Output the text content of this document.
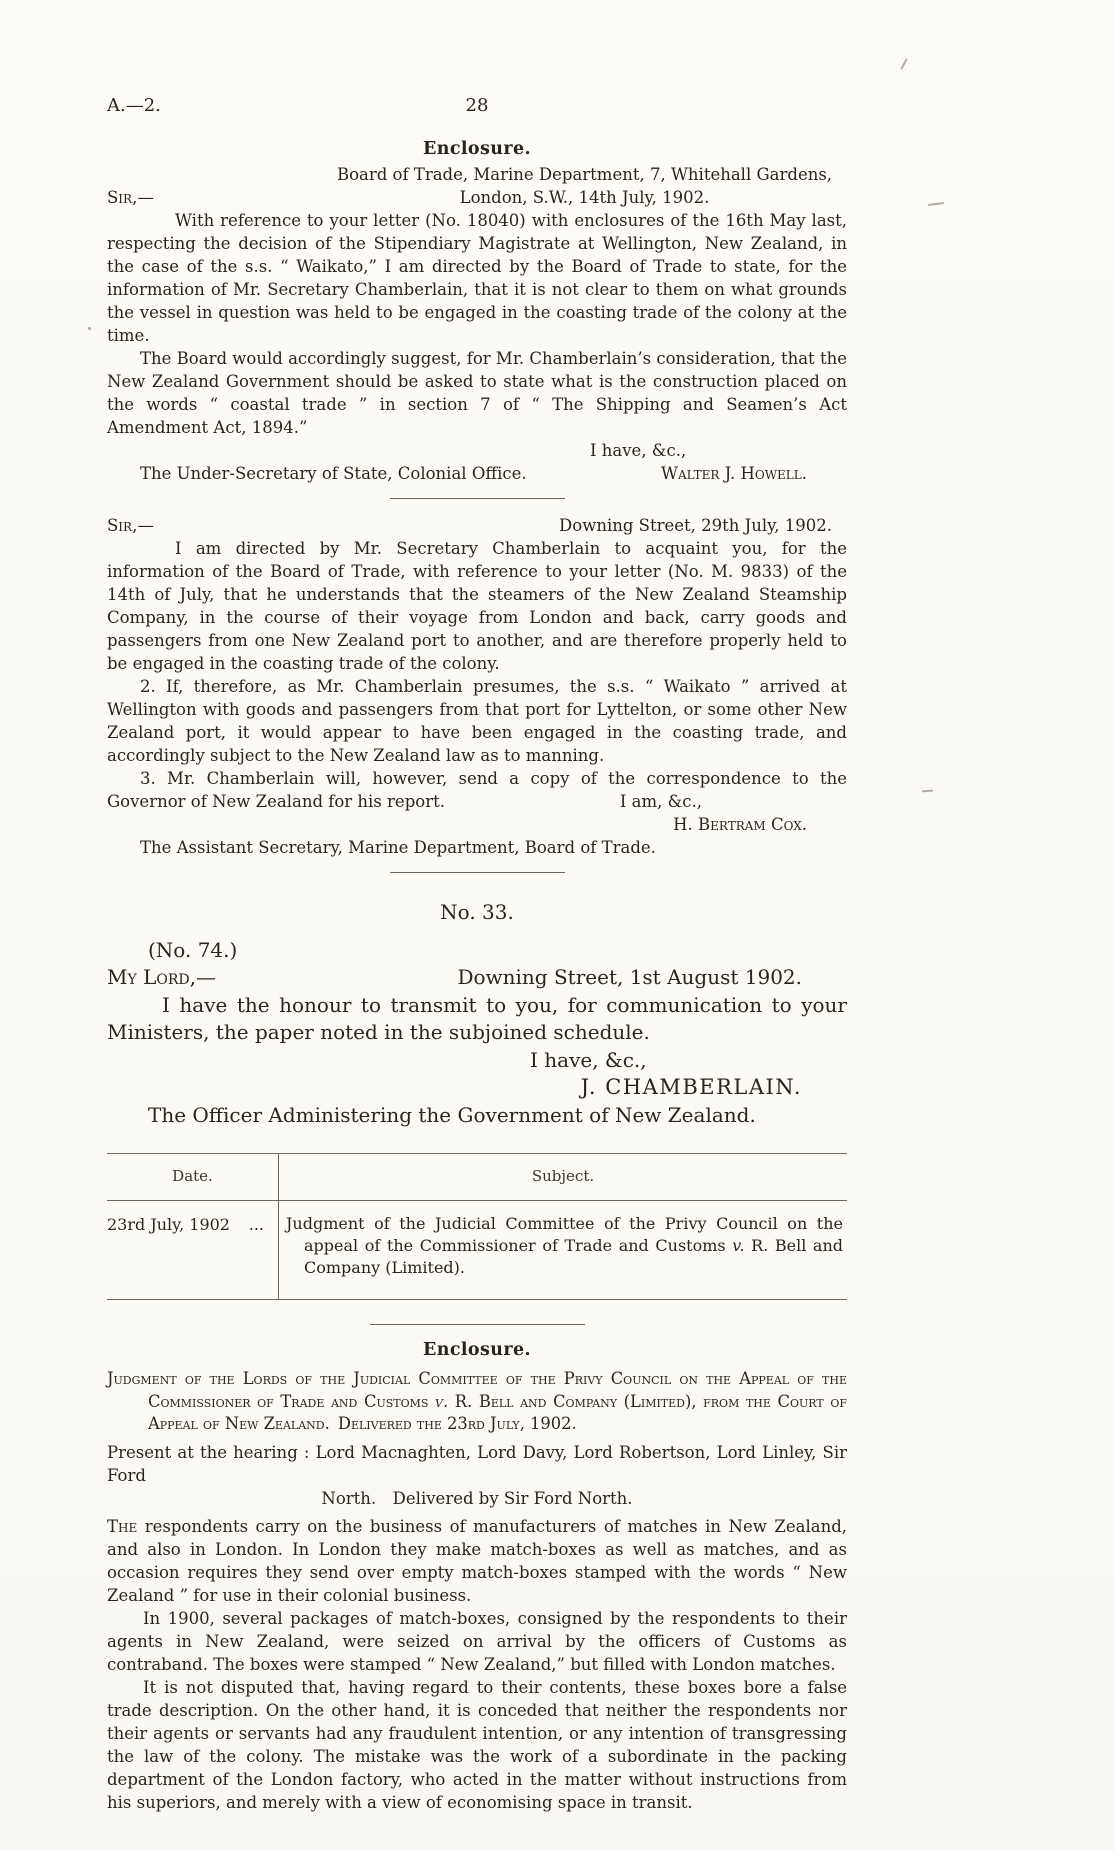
A.—2.	28
Enclosure.
Board of Trade, Marine Department, 7, Whitehall Gardens,
Sir,—	London, S.W., 14th July, 1902.

With reference to your letter (No. 18040) with enclosures of the 16th May last, respecting the decision of the Stipendiary Magistrate at Wellington, New Zealand, in the case of the s.s. “ Waikato,” I am directed by the Board of Trade to state, for the information of Mr. Secretary Chamberlain, that it is not clear to them on what grounds the vessel in question was held to be engaged in the coasting trade of the colony at the time.

The Board would accordingly suggest, for Mr. Chamberlain’s consideration, that the New Zealand Government should be asked to state what is the construction placed on the words “ coastal trade ” in section 7 of “ The Shipping and Seamen’s Act Amendment Act, 1894.”

I have, &c.,
The Under-Secretary of State, Colonial Office.	Walter J. Howell.
Sir,—	Downing Street, 29th July, 1902.

I am directed by Mr. Secretary Chamberlain to acquaint you, for the information of the Board of Trade, with reference to your letter (No. M. 9833) of the 14th of July, that he understands that the steamers of the New Zealand Steamship Company, in the course of their voyage from London and back, carry goods and passengers from one New Zealand port to another, and are therefore properly held to be engaged in the coasting trade of the colony.

2. If, therefore, as Mr. Chamberlain presumes, the s.s. “ Waikato ” arrived at Wellington with goods and passengers from that port for Lyttelton, or some other New Zealand port, it would appear to have been engaged in the coasting trade, and accordingly subject to the New Zealand law as to manning.

3. Mr. Chamberlain will, however, send a copy of the correspondence to the Governor of New Zealand for his report.	I am, &c.,

H. Bertram Cox.
The Assistant Secretary, Marine Department, Board of Trade.
No. 33.
(No. 74.)
My Lord,—	Downing Street, 1st August 1902.

I have the honour to transmit to you, for communication to your Ministers, the paper noted in the subjoined schedule.

I have, &c.,
J. CHAMBERLAIN.
The Officer Administering the Government of New Zealand.
Date.	Subject.
23rd July, 1902 ... Judgment of the Judicial Committee of the Privy Council on the appeal of the Commissioner of Trade and Customs v. R. Bell and Company (Limited).

Enclosure.

Judgment of the Lords of the Judicial Committee of the Privy Council on the Appeal of the Commissioner of Trade and Customs v. R. Bell and Company (Limited), from the Court of Appeal of New Zealand. Delivered the 23rd July, 1902.

Present at the hearing : Lord Macnaghten, Lord Davy, Lord Robertson, Lord Linley, Sir Ford

North. Delivered by Sir Ford North.

The respondents carry on the business of manufacturers of matches in New Zealand, and also in London. In London they make match-boxes as well as matches, and as occasion requires they send over empty match-boxes stamped with the words “ New Zealand ” for use in their colonial business.

In 1900, several packages of match-boxes, consigned by the respondents to their agents in New Zealand, were seized on arrival by the officers of Customs as contraband. The boxes were stamped “ New Zealand,” but filled with London matches.

It is not disputed that, having regard to their contents, these boxes bore a false trade description. On the other hand, it is conceded that neither the respondents nor their agents or servants had any fraudulent intention, or any intention of transgressing the law of the colony. The mistake was the work of a subordinate in the packing department of the London factory, who acted in the matter without instructions from his superiors, and merely with a view of economising space in transit.
